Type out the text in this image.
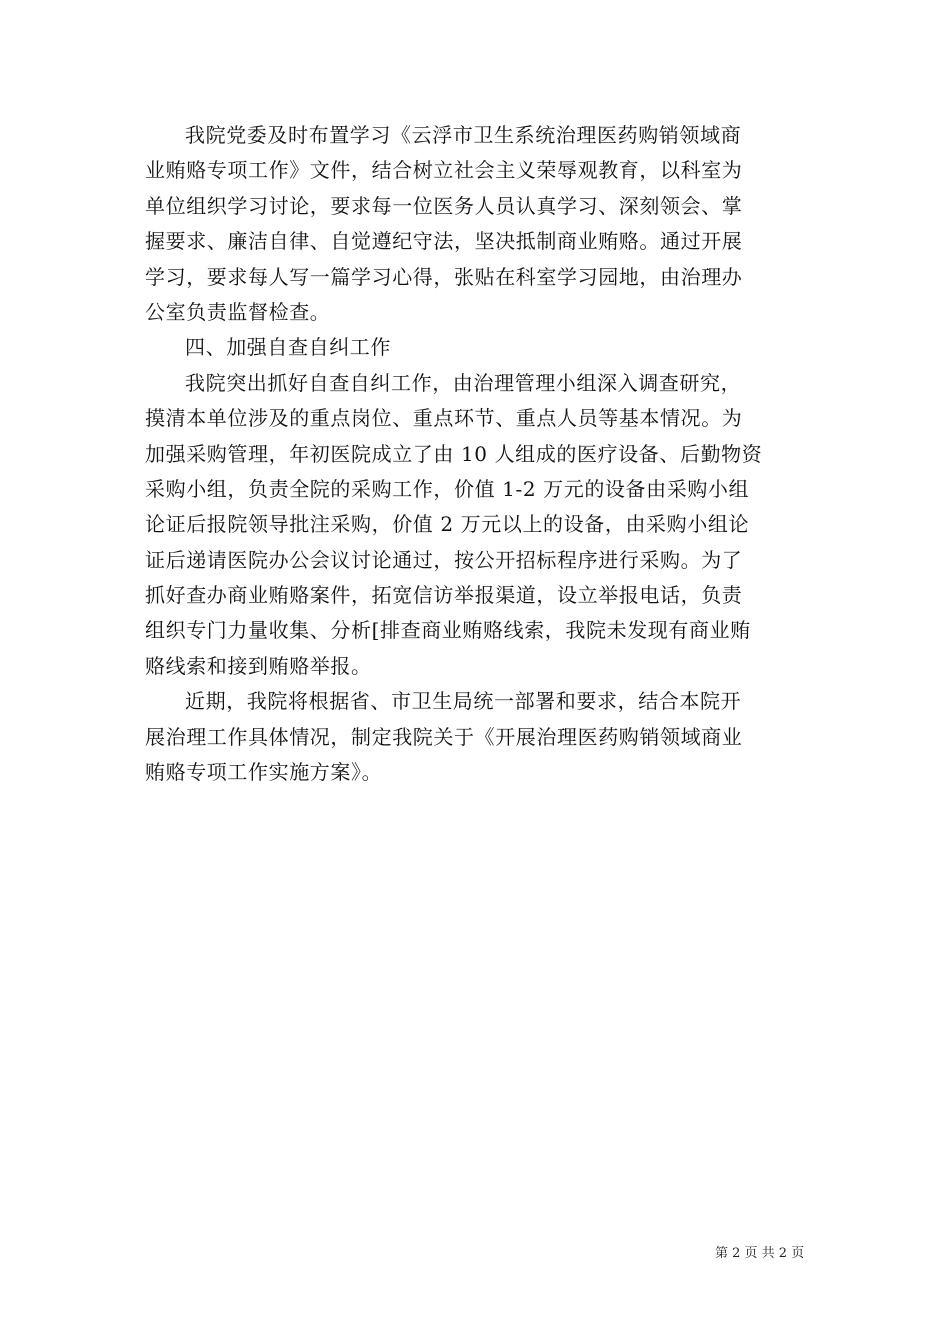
我院党委及时布置学习《云浮市卫生系统治理医药购销领域商
业贿赂专项工作》文件，结合树立社会主义荣辱观教育，以科室为
单位组织学习讨论，要求每一位医务人员认真学习、深刻领会、掌
握要求、廉洁自律、自觉遵纪守法，坚决抵制商业贿赂。通过开展
学习，要求每人写一篇学习心得，张贴在科室学习园地，由治理办
公室负责监督检查。
四、加强自查自纠工作
我院突出抓好自查自纠工作，由治理管理小组深入调查研究，
摸清本单位涉及的重点岗位、重点环节、重点人员等基本情况。为
加强采购管理，年初医院成立了由 10 人组成的医疗设备、后勤物资
采购小组，负责全院的采购工作，价值 1-2 万元的设备由采购小组
论证后报院领导批注采购，价值 2 万元以上的设备，由采购小组论
证后递请医院办公会议讨论通过，按公开招标程序进行采购。为了
抓好查办商业贿赂案件，拓宽信访举报渠道，设立举报电话，负责
组织专门力量收集、分析[排查商业贿赂线索，我院未发现有商业贿
赂线索和接到贿赂举报。
近期，我院将根据省、市卫生局统一部署和要求，结合本院开
展治理工作具体情况，制定我院关于《开展治理医药购销领域商业
贿赂专项工作实施方案》。
第 2 页 共 2 页
